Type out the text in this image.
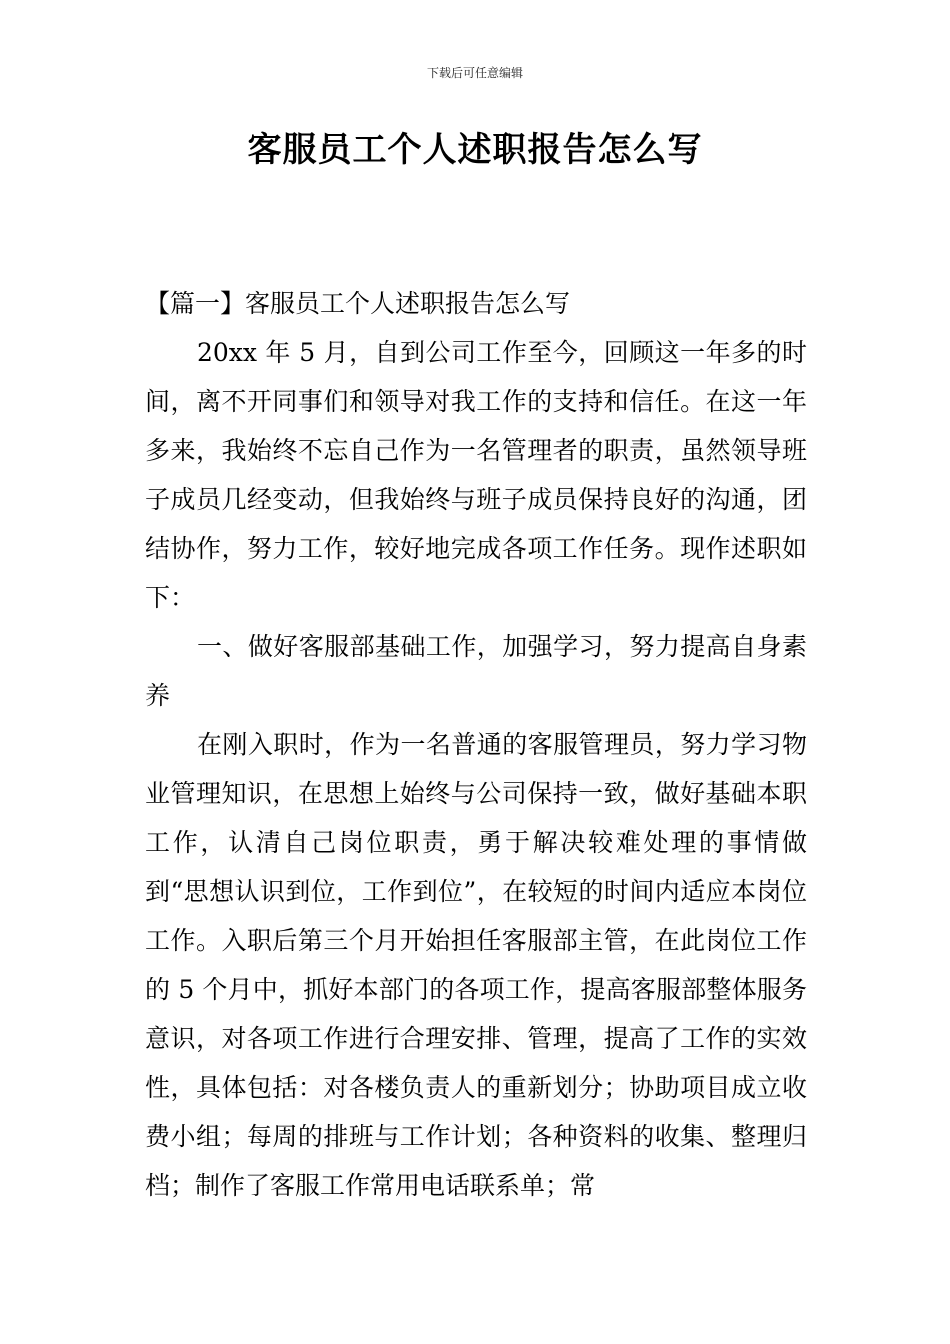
下载后可任意编辑
客服员工个人述职报告怎么写

【篇一】客服员工个人述职报告怎么写

20xx 年 5 月，自到公司工作至今，回顾这一年多的时间，离不开同事们和领导对我工作的支持和信任。在这一年多来，我始终不忘自己作为一名管理者的职责，虽然领导班子成员几经变动，但我始终与班子成员保持良好的沟通，团结协作，努力工作，较好地完成各项工作任务。现作述职如下：

一、做好客服部基础工作，加强学习，努力提高自身素养

在刚入职时，作为一名普通的客服管理员，努力学习物业管理知识，在思想上始终与公司保持一致，做好基础本职工作，认清自己岗位职责，勇于解决较难处理的事情做到“思想认识到位，工作到位”，在较短的时间内适应本岗位工作。入职后第三个月开始担任客服部主管，在此岗位工作的 5 个月中，抓好本部门的各项工作，提高客服部整体服务意识，对各项工作进行合理安排、管理，提高了工作的实效性，具体包括：对各楼负责人的重新划分；协助项目成立收费小组；每周的排班与工作计划；各种资料的收集、整理归档；制作了客服工作常用电话联系单；常
